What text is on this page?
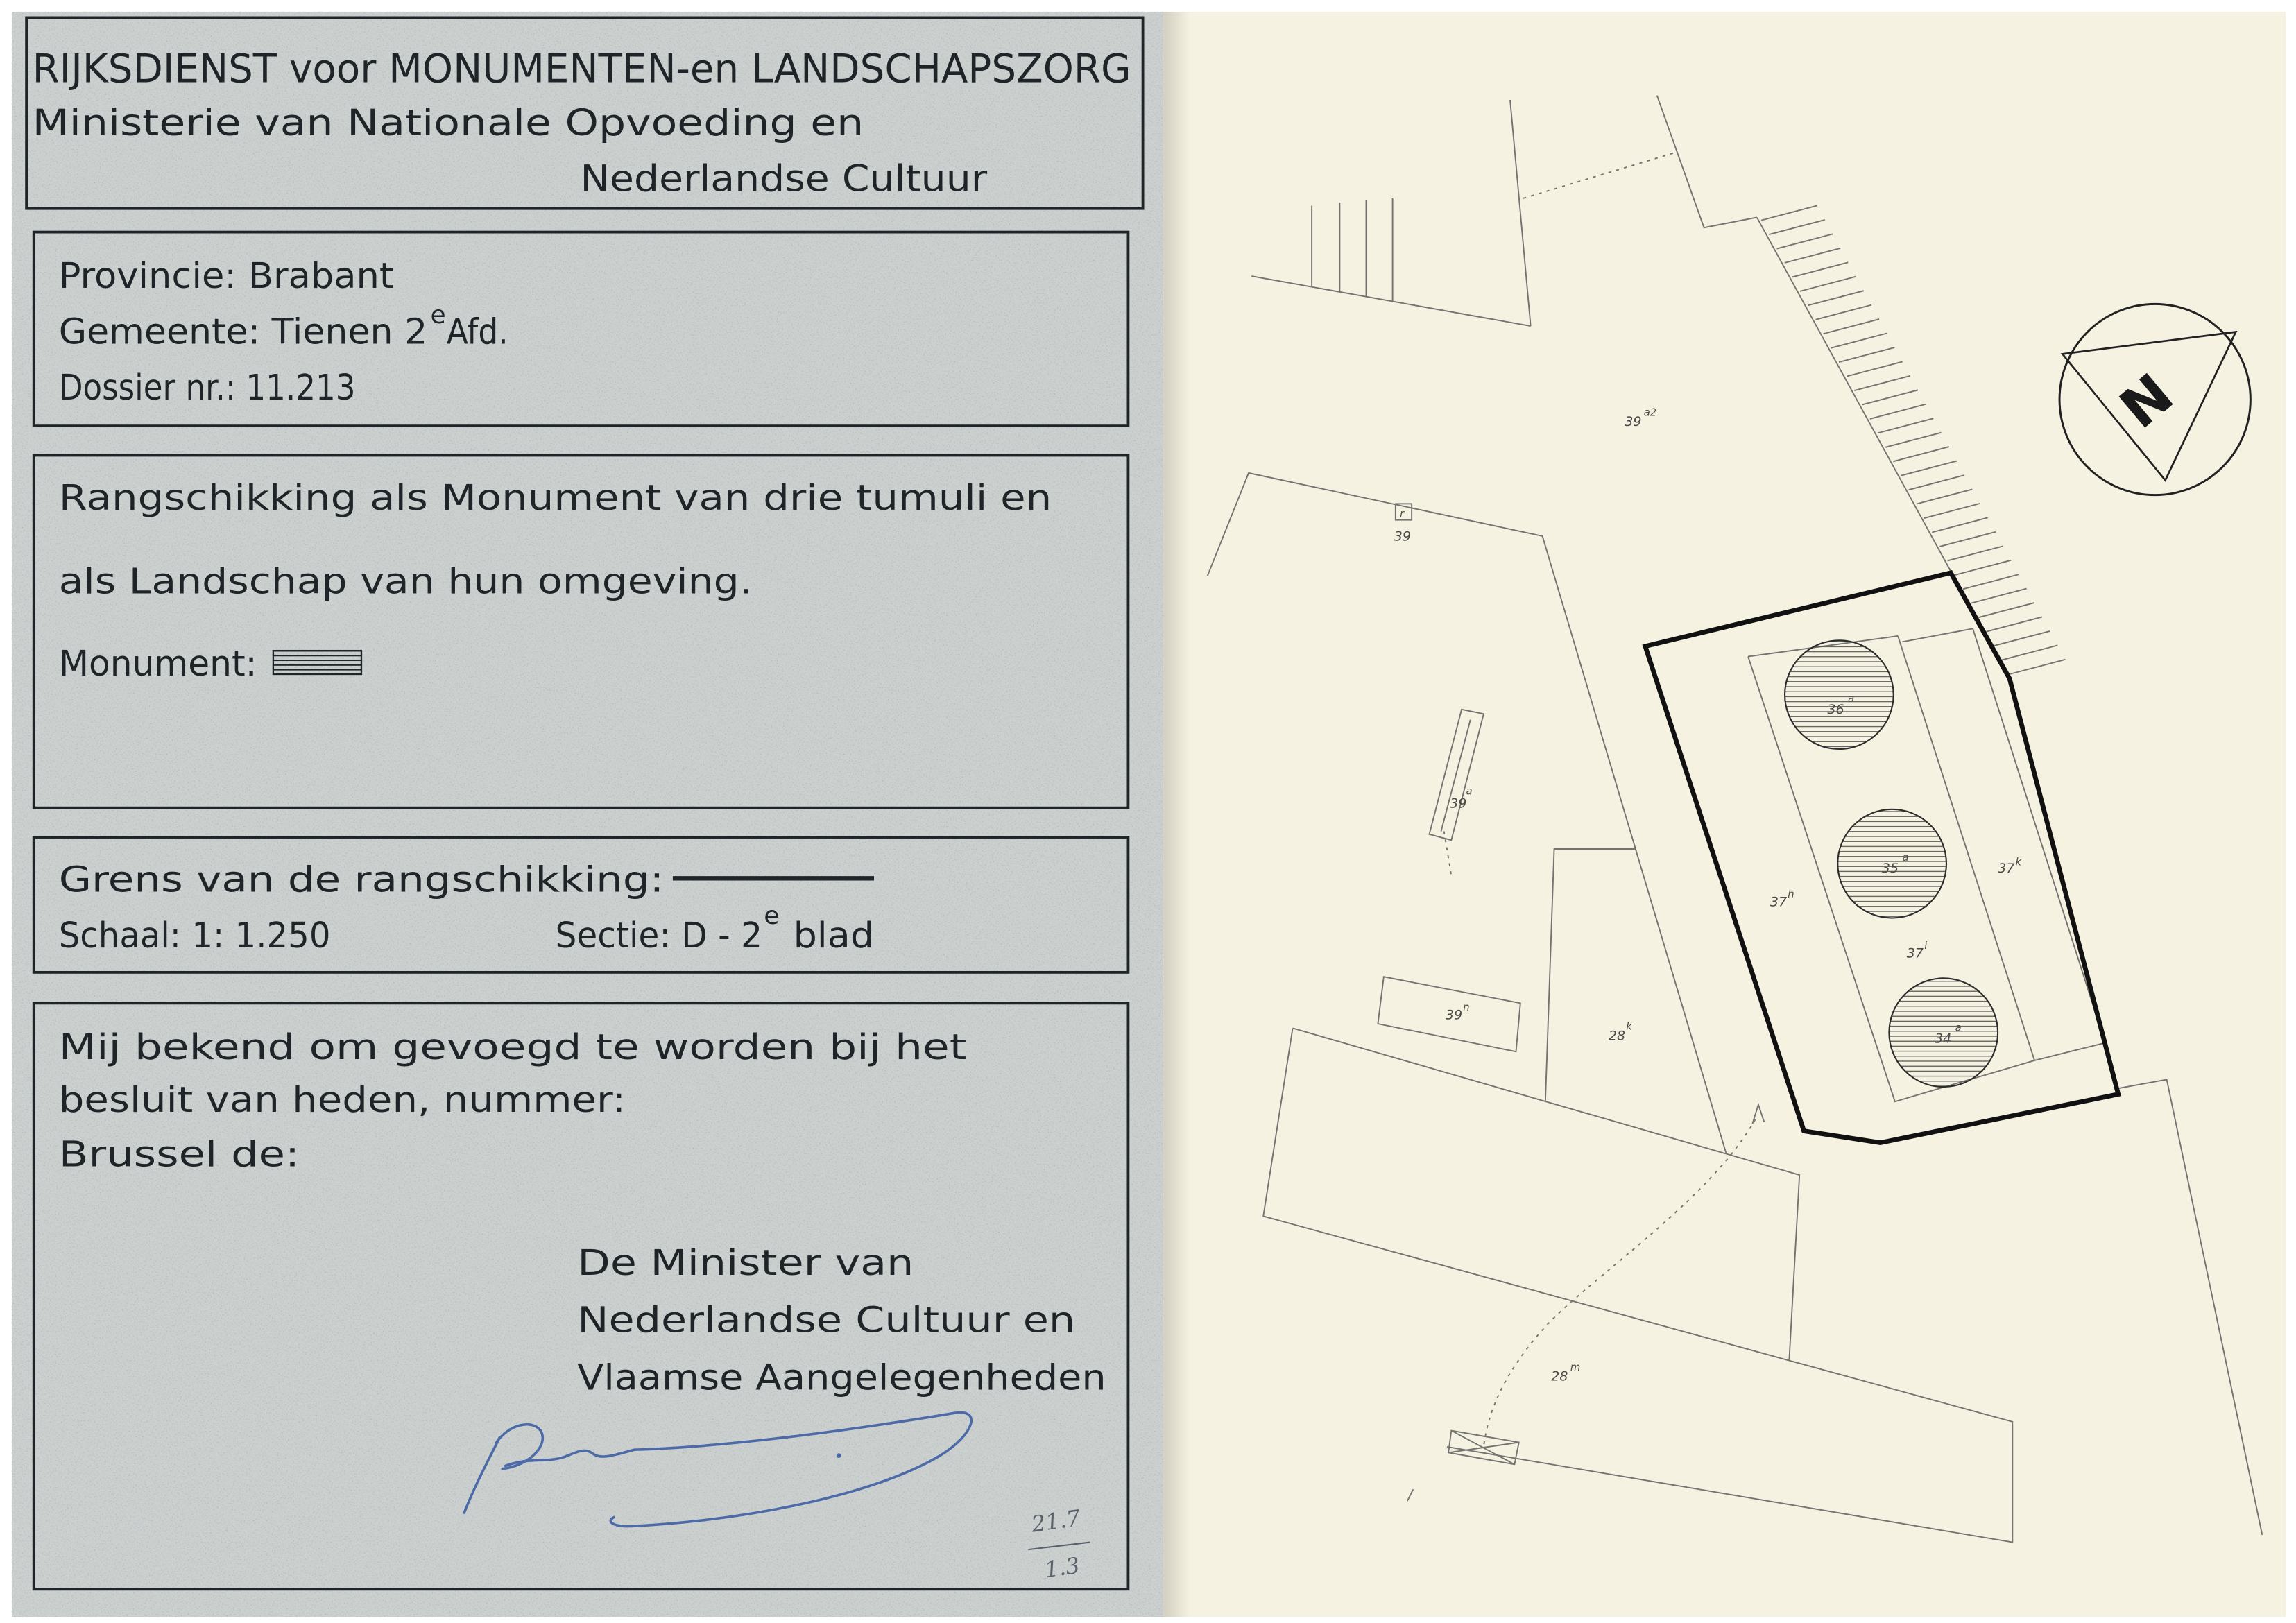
RIJKSDIENST voor MONUMENTEN-en LANDSCHAPSZORG
Ministerie van Nationale Opvoeding en
Nederlandse Cultuur
Provincie: Brabant
Gemeente: Tienen 2 e Afd.
Dossier nr.: 11.213
Rangschikking als Monument van drie tumuli en
als Landschap van hun omgeving.
Monument:
Grens van de rangschikking:
Schaal: 1: 1.250	Sectie: D - 2 e blad
Mij bekend om gevoegd te worden bij het
besluit van heden, nummer:
Brussel de:
De Minister van
Nederlandse Cultuur en
Vlaamse Aangelegenheden
21.7
1.3
36
a
35
a
34
a
39
a2
r
39
39
a
39
n
28
k
37
h
37 k
37
i
28
m
N
